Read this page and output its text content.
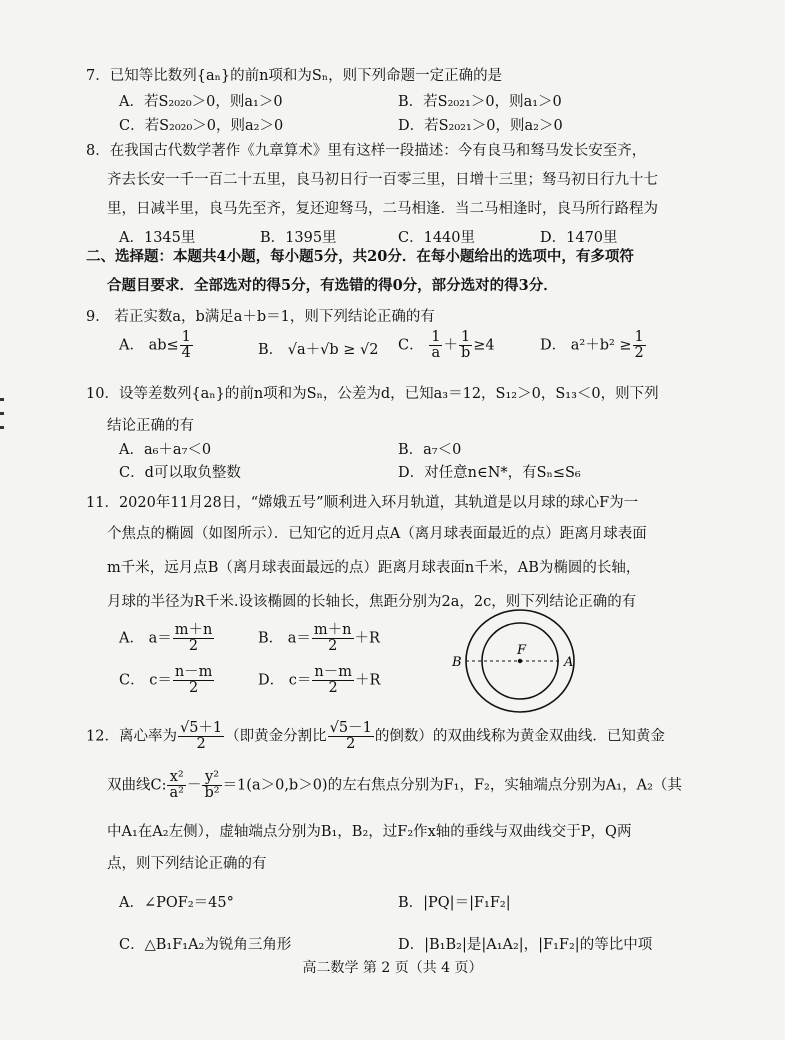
7．已知等比数列{aₙ}的前n项和为Sₙ，则下列命题一定正确的是
A．若S₂₀₂₀＞0，则a₁＞0	B．若S₂₀₂₁＞0，则a₁＞0
C．若S₂₀₂₀＞0，则a₂＞0	D．若S₂₀₂₁＞0，则a₂＞0
8．在我国古代数学著作《九章算术》里有这样一段描述：今有良马和驽马发长安至齐，
齐去长安一千一百二十五里，良马初日行一百零三里，日增十三里；驽马初日行九十七
里，日减半里，良马先至齐，复还迎驽马，二马相逢．当二马相逢时，良马所行路程为
A．1345里	B．1395里	C．1440里	D．1470里
二、选择题：本题共4小题，每小题5分，共20分．在每小题给出的选项中，有多项符
合题目要求．全部选对的得5分，有选错的得0分，部分选对的得3分．
9． 若正实数a，b满足a＋b＝1，则下列结论正确的有
A． $ab\le \frac{1}{4}$	B． √a＋√b ≥ √2 C． $\frac{1}{a} + \frac{1}{b} \ge 4$	D． $a^2+b^2 \ge \frac{1}{2}$
10．设等差数列{aₙ}的前n项和为Sₙ，公差为d，已知a₃＝12，S₁₂＞0，S₁₃＜0，则下列
结论正确的有
A．a₆＋a₇＜0	B．a₇＜0
C．d可以取负整数	D．对任意n∈N*，有Sₙ≤S₆
11．2020年11月28日，“嫦娥五号”顺利进入环月轨道，其轨道是以月球的球心F为一
个焦点的椭圆（如图所示）．已知它的近月点A（离月球表面最近的点）距离月球表面
m千米，远月点B（离月球表面最远的点）距离月球表面n千米，AB为椭圆的长轴，
月球的半径为R千米.设该椭圆的长轴长，焦距分别为2a，2c，则下列结论正确的有
A． $a= \frac{m+n}{2}$	B． $a= \frac{m+n}{2} +R$
C． $c= \frac{n-m}{2}$	D． $c= \frac{n-m}{2} +R$
B
F
A
12．离心率为 $\frac{√5+1}{2}$ （即黄金分割比 $\frac{√5-1}{2}$ 的倒数）的双曲线称为黄金双曲线．已知黄金
双曲线C: $\frac{\text{x²}}{\text{a²}} - \frac{\text{y²}}{\text{b²}} =1(a>0,b>0)$的左右焦点分别为F₁，F₂，实轴端点分别为A₁，A₂（其
中A₁在A₂左侧），虚轴端点分别为B₁，B₂，过F₂作x轴的垂线与双曲线交于P，Q两
点，则下列结论正确的有
A．∠POF₂＝45°	B．|PQ|＝|F₁F₂|
C．△B₁F₁A₂为锐角三角形	D．|B₁B₂|是|A₁A₂|，|F₁F₂|的等比中项
高二数学 第 2 页（共 4 页）
